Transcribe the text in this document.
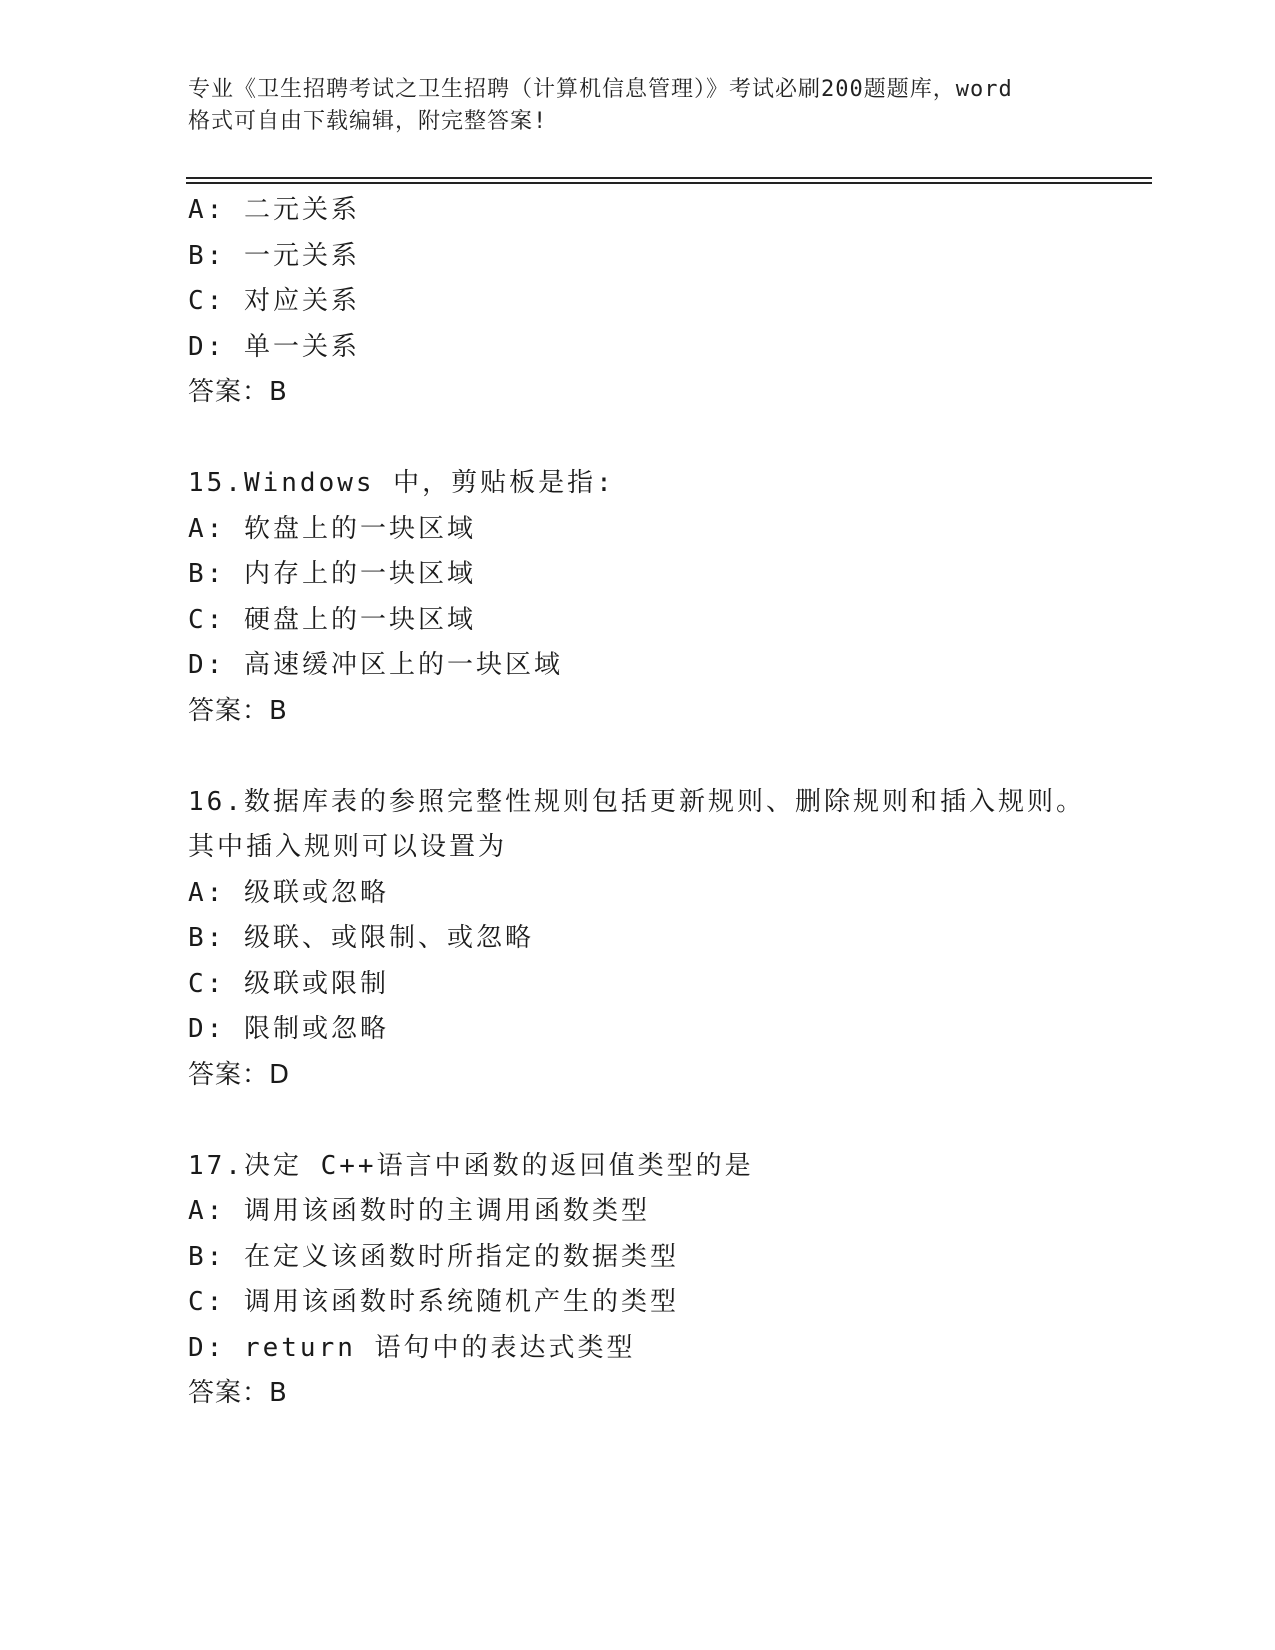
专业《卫生招聘考试之卫生招聘（计算机信息管理）》考试必刷200题题库，word
格式可自由下载编辑，附完整答案!
A: 二元关系
B: 一元关系
C: 对应关系
D: 单一关系
答案：B
15.Windows 中，剪贴板是指:
A: 软盘上的一块区域
B: 内存上的一块区域
C: 硬盘上的一块区域
D: 高速缓冲区上的一块区域
答案：B
16.数据库表的参照完整性规则包括更新规则、删除规则和插入规则。
其中插入规则可以设置为
A: 级联或忽略
B: 级联、或限制、或忽略
C: 级联或限制
D: 限制或忽略
答案：D
17.决定 C++语言中函数的返回值类型的是
A: 调用该函数时的主调用函数类型
B: 在定义该函数时所指定的数据类型
C: 调用该函数时系统随机产生的类型
D: return 语句中的表达式类型
答案：B
